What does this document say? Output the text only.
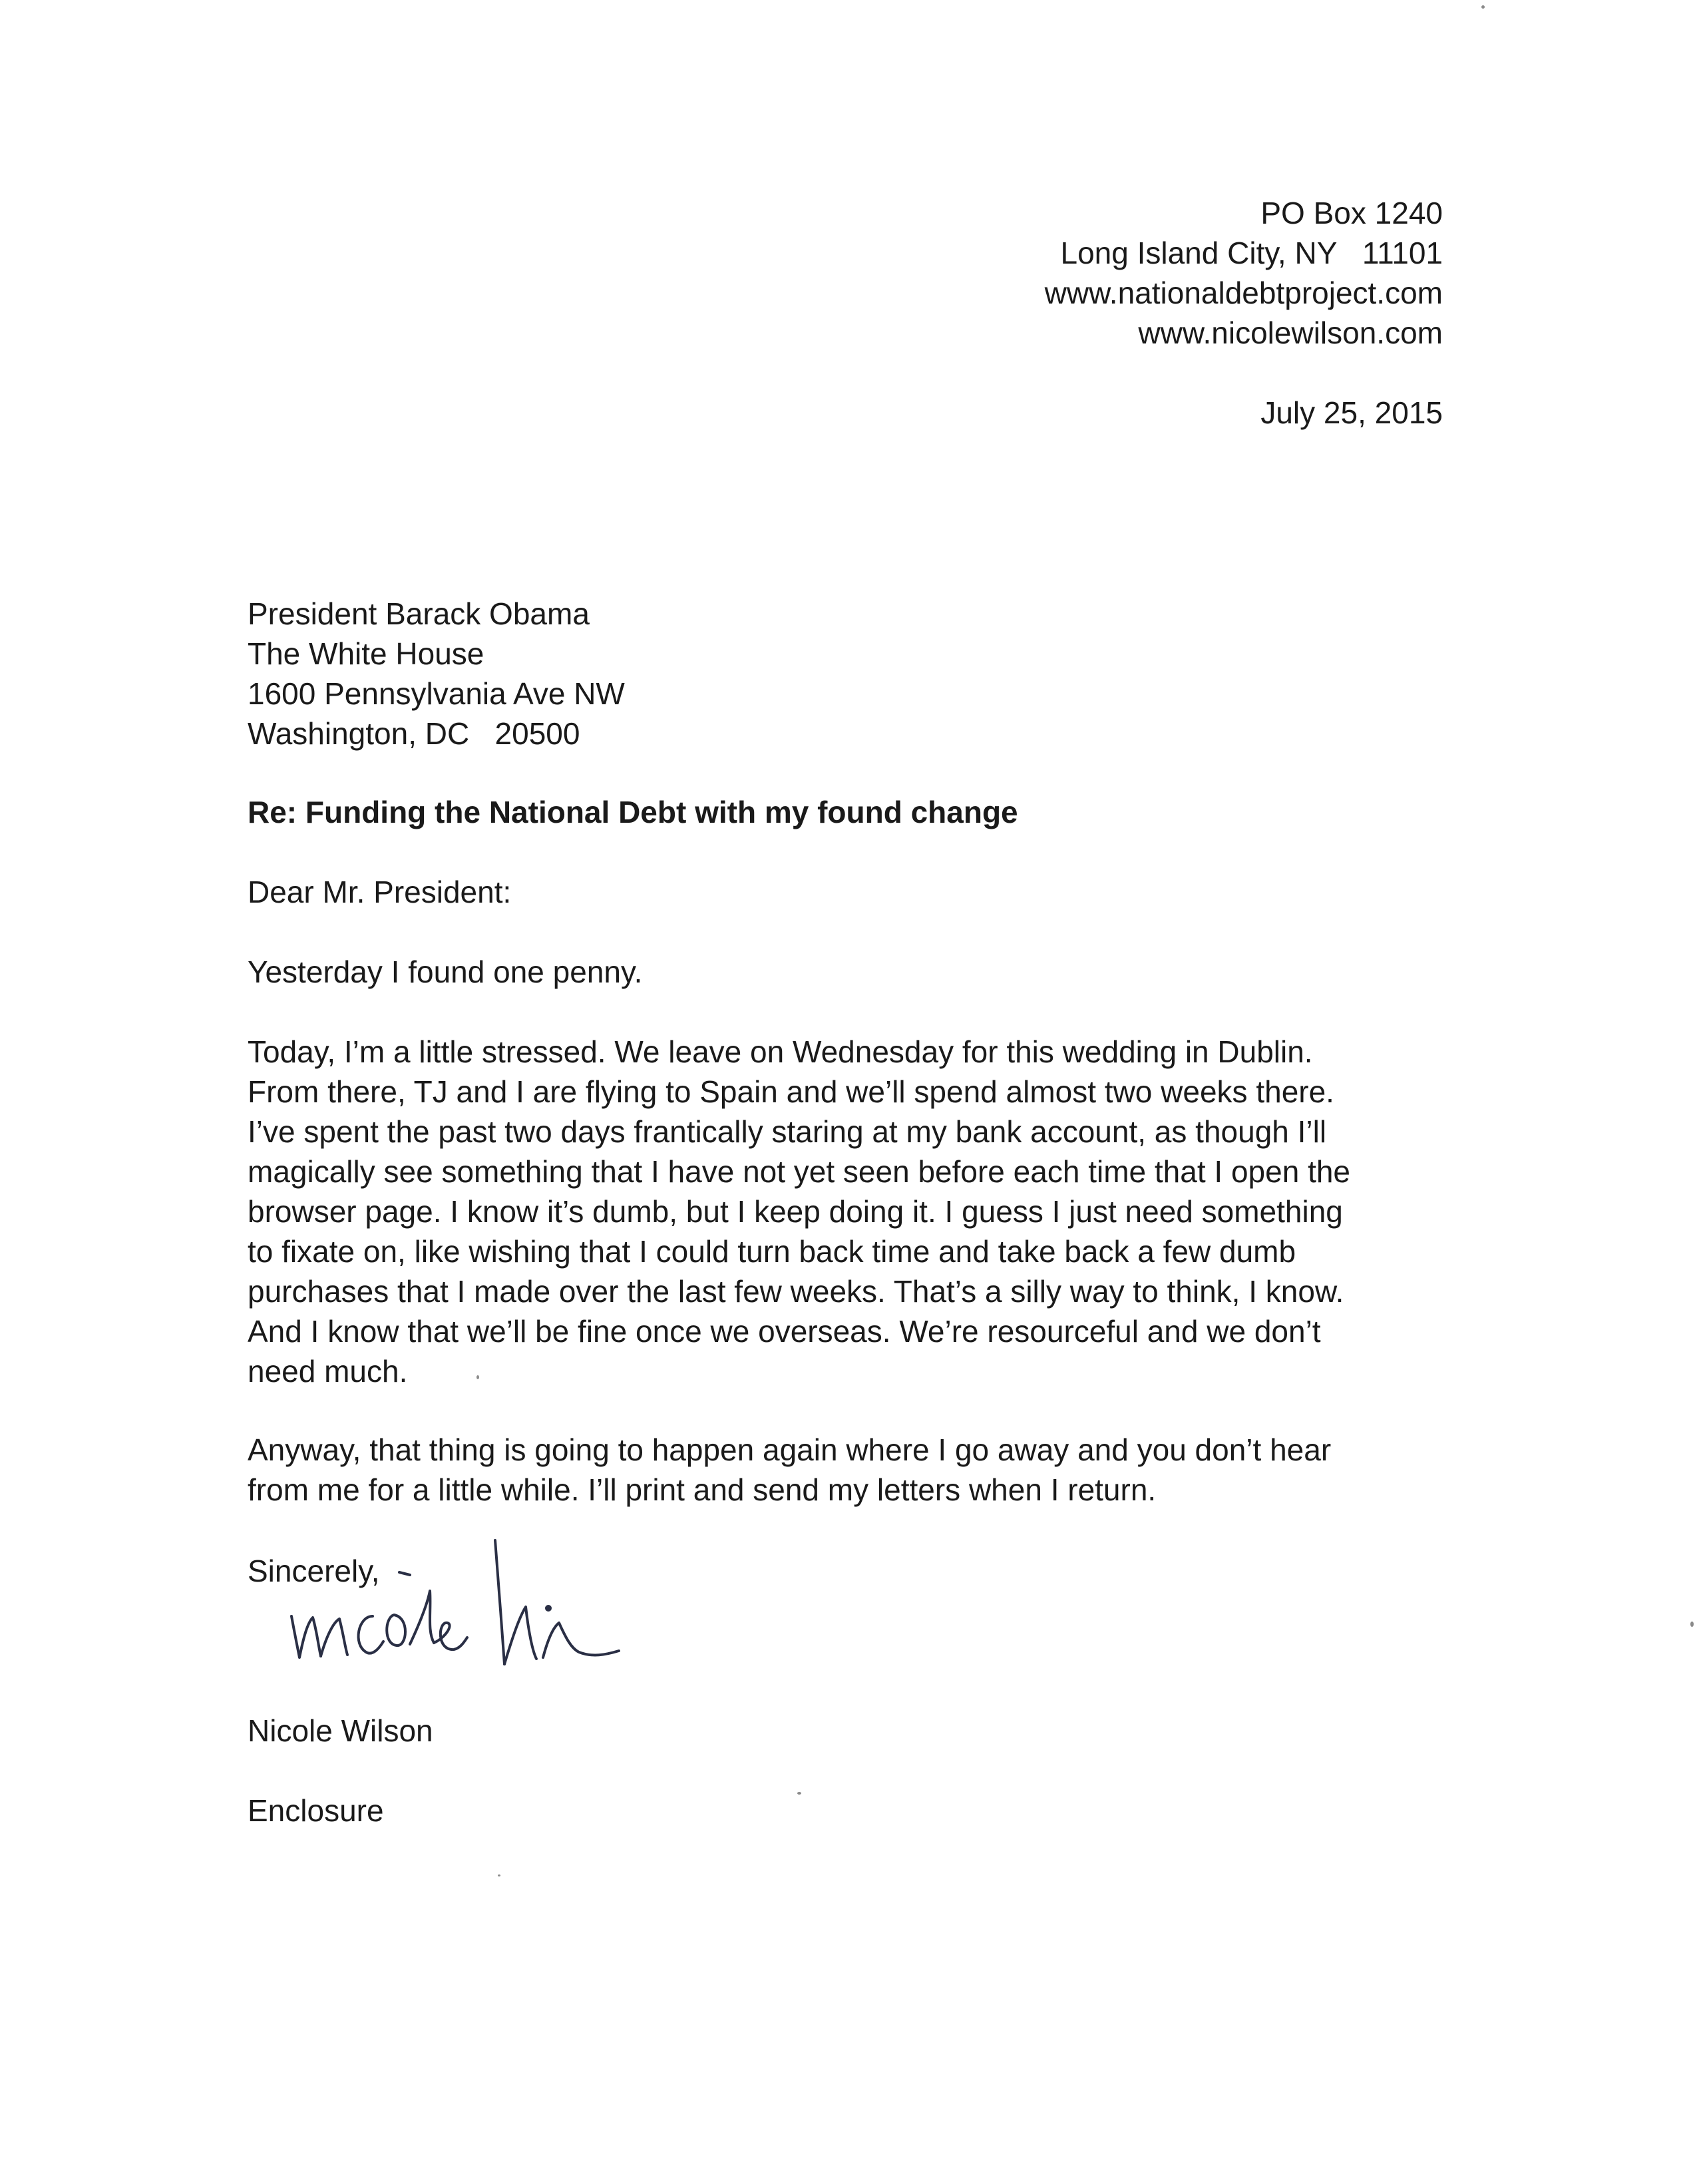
PO Box 1240
Long Island City, NY   11101
www.nationaldebtproject.com
www.nicolewilson.com
July 25, 2015
President Barack Obama
The White House
1600 Pennsylvania Ave NW
Washington, DC   20500
Re: Funding the National Debt with my found change
Dear Mr. President:
Yesterday I found one penny.
Today, I’m a little stressed. We leave on Wednesday for this wedding in Dublin.
From there, TJ and I are flying to Spain and we’ll spend almost two weeks there.
I’ve spent the past two days frantically staring at my bank account, as though I’ll
magically see something that I have not yet seen before each time that I open the
browser page. I know it’s dumb, but I keep doing it. I guess I just need something
to fixate on, like wishing that I could turn back time and take back a few dumb
purchases that I made over the last few weeks. That’s a silly way to think, I know.
And I know that we’ll be fine once we overseas. We’re resourceful and we don’t
need much.
Anyway, that thing is going to happen again where I go away and you don’t hear
from me for a little while. I’ll print and send my letters when I return.
Sincerely,
Nicole Wilson
Enclosure
